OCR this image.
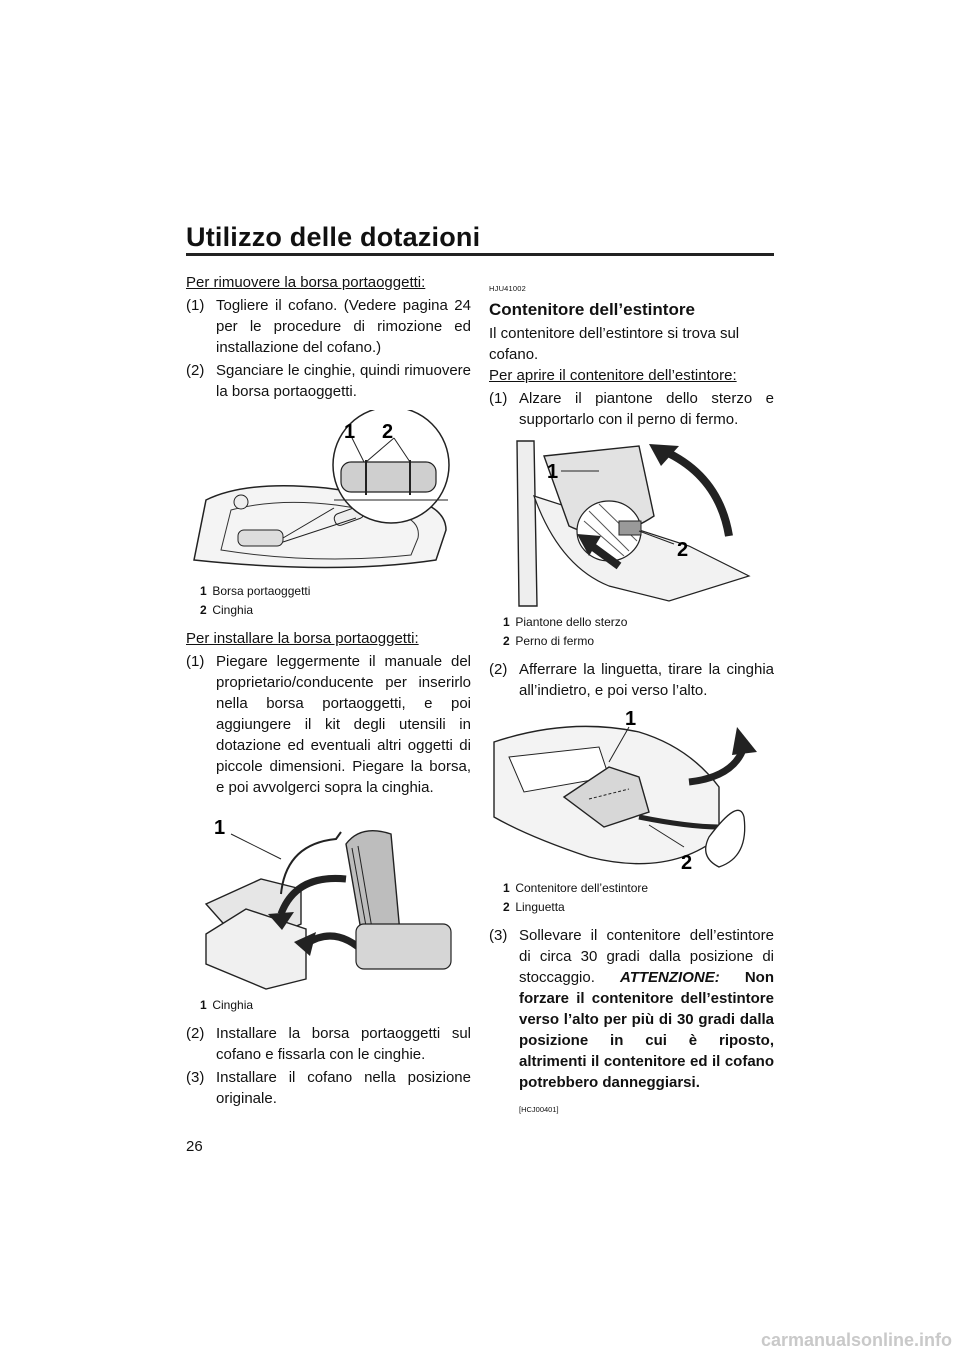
Utilizzo delle dotazioni

Per rimuovere la borsa portaoggetti:

(1) Togliere il cofano. (Vedere pagina 24 per le procedure di rimozione ed installazione del cofano.)
(2) Sganciare le cinghie, quindi rimuovere la borsa portaoggetti.
1 2
1 Borsa portaoggetti
2 Cinghia

Per installare la borsa portaoggetti:

(1) Piegare leggermente il manuale del proprietario/conducente per inserirlo nella borsa portaoggetti, e poi aggiungere il kit degli utensili in dotazione ed eventuali altri oggetti di piccole dimensioni. Piegare la borsa, e poi avvolgerci sopra la cinghia.
1
1 Cinghia
(2) Installare la borsa portaoggetti sul cofano e fissarla con le cinghie.
(3) Installare il cofano nella posizione originale.

HJU41002

Contenitore dell’estintore

Il contenitore dell’estintore si trova sul cofano.

Per aprire il contenitore dell’estintore:

(1) Alzare il piantone dello sterzo e supportarlo con il perno di fermo.
1
2
1 Piantone dello sterzo
2 Perno di fermo
(2) Afferrare la linguetta, tirare la cinghia all’indietro, e poi verso l’alto.
1
2
1 Contenitore dell’estintore
2 Linguetta
(3) Sollevare il contenitore dell’estintore di circa 30 gradi dalla posizione di stoccaggio. ATTENZIONE: Non forzare il contenitore dell’estintore verso l’alto per più di 30 gradi dalla posizione in cui è riposto, altrimenti il contenitore ed il cofano potrebbero danneggiarsi.
[HCJ00401]
26
carmanualsonline.info
